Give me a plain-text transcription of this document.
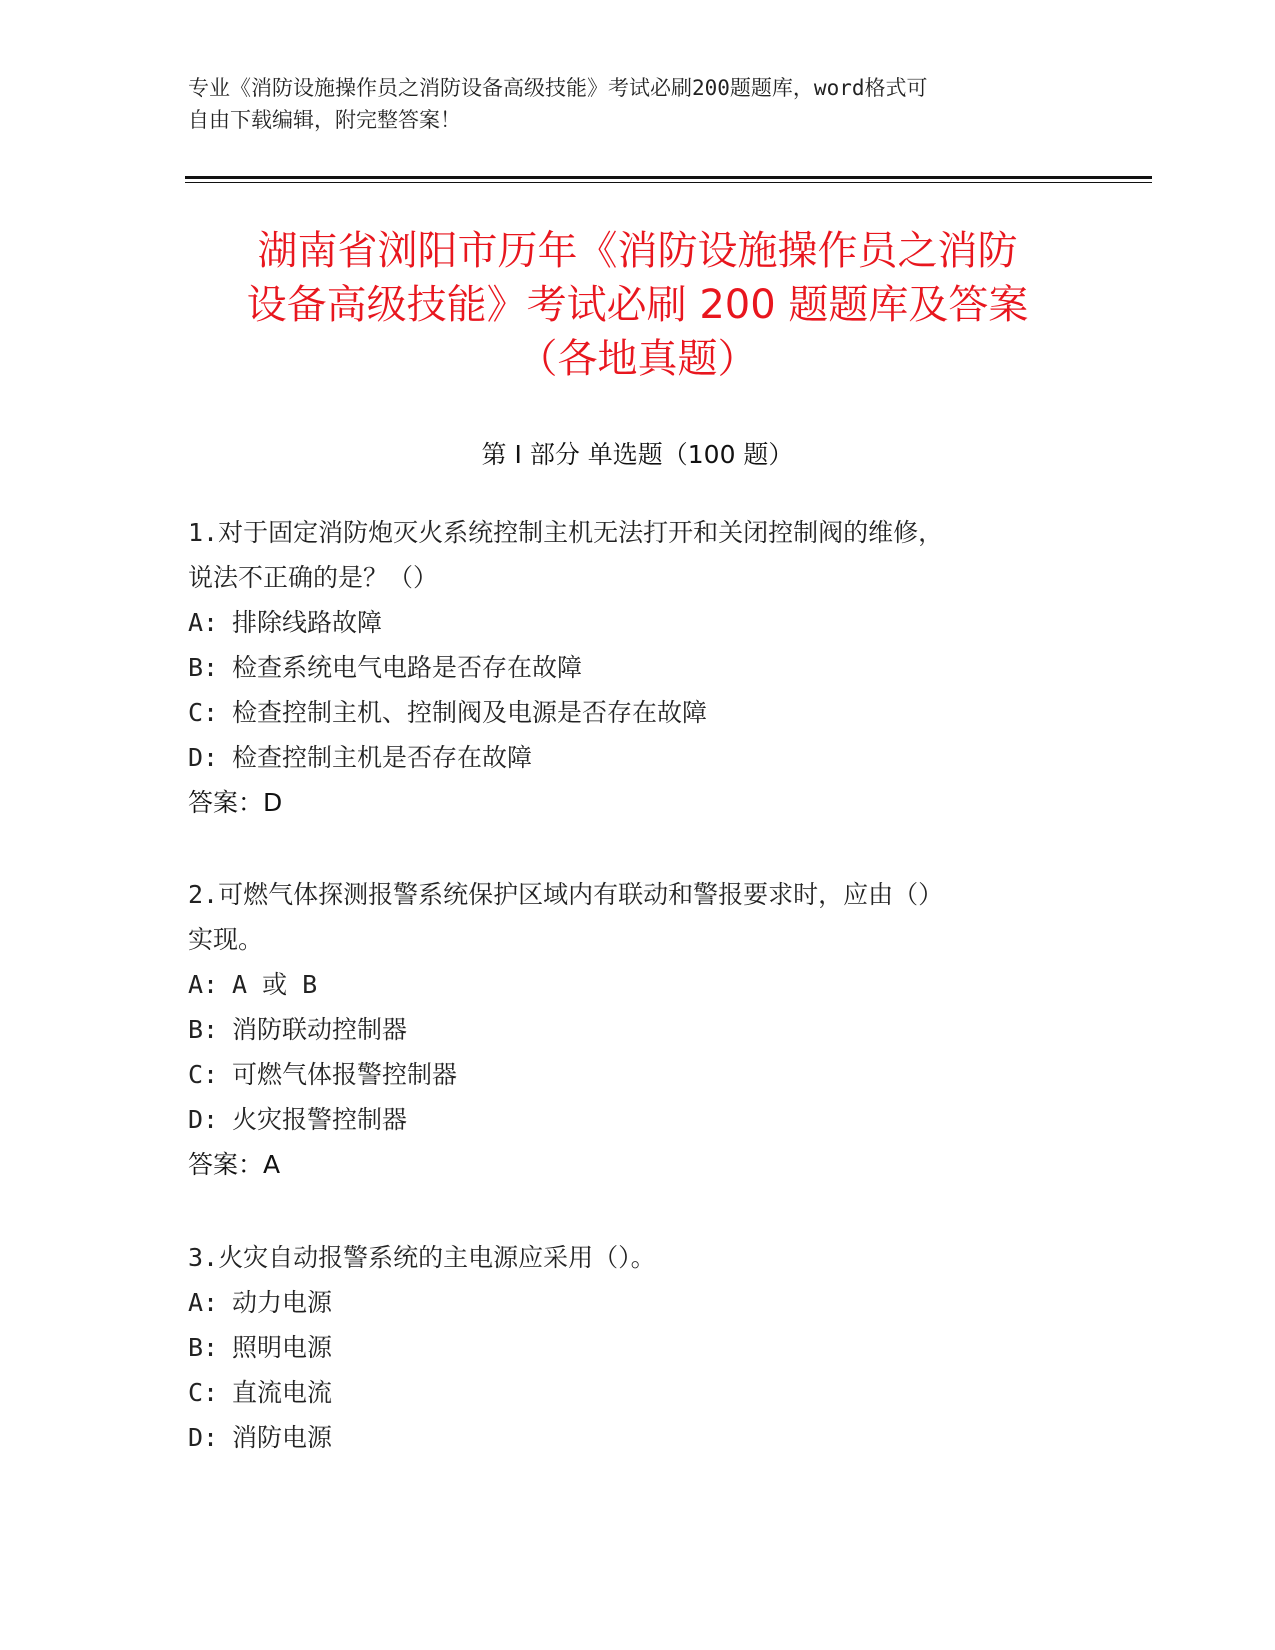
专业《消防设施操作员之消防设备高级技能》考试必刷200题题库，word格式可
自由下载编辑，附完整答案！
湖南省浏阳市历年《消防设施操作员之消防
设备高级技能》考试必刷 200 题题库及答案
（各地真题）
第 I 部分 单选题（100 题）
1.对于固定消防炮灭火系统控制主机无法打开和关闭控制阀的维修，
说法不正确的是？（）
A: 排除线路故障
B: 检查系统电气电路是否存在故障
C: 检查控制主机、控制阀及电源是否存在故障
D: 检查控制主机是否存在故障
答案：D
2.可燃气体探测报警系统保护区域内有联动和警报要求时，应由（）
实现。
A: A 或 B
B: 消防联动控制器
C: 可燃气体报警控制器
D: 火灾报警控制器
答案：A
3.火灾自动报警系统的主电源应采用（）。
A: 动力电源
B: 照明电源
C: 直流电流
D: 消防电源
